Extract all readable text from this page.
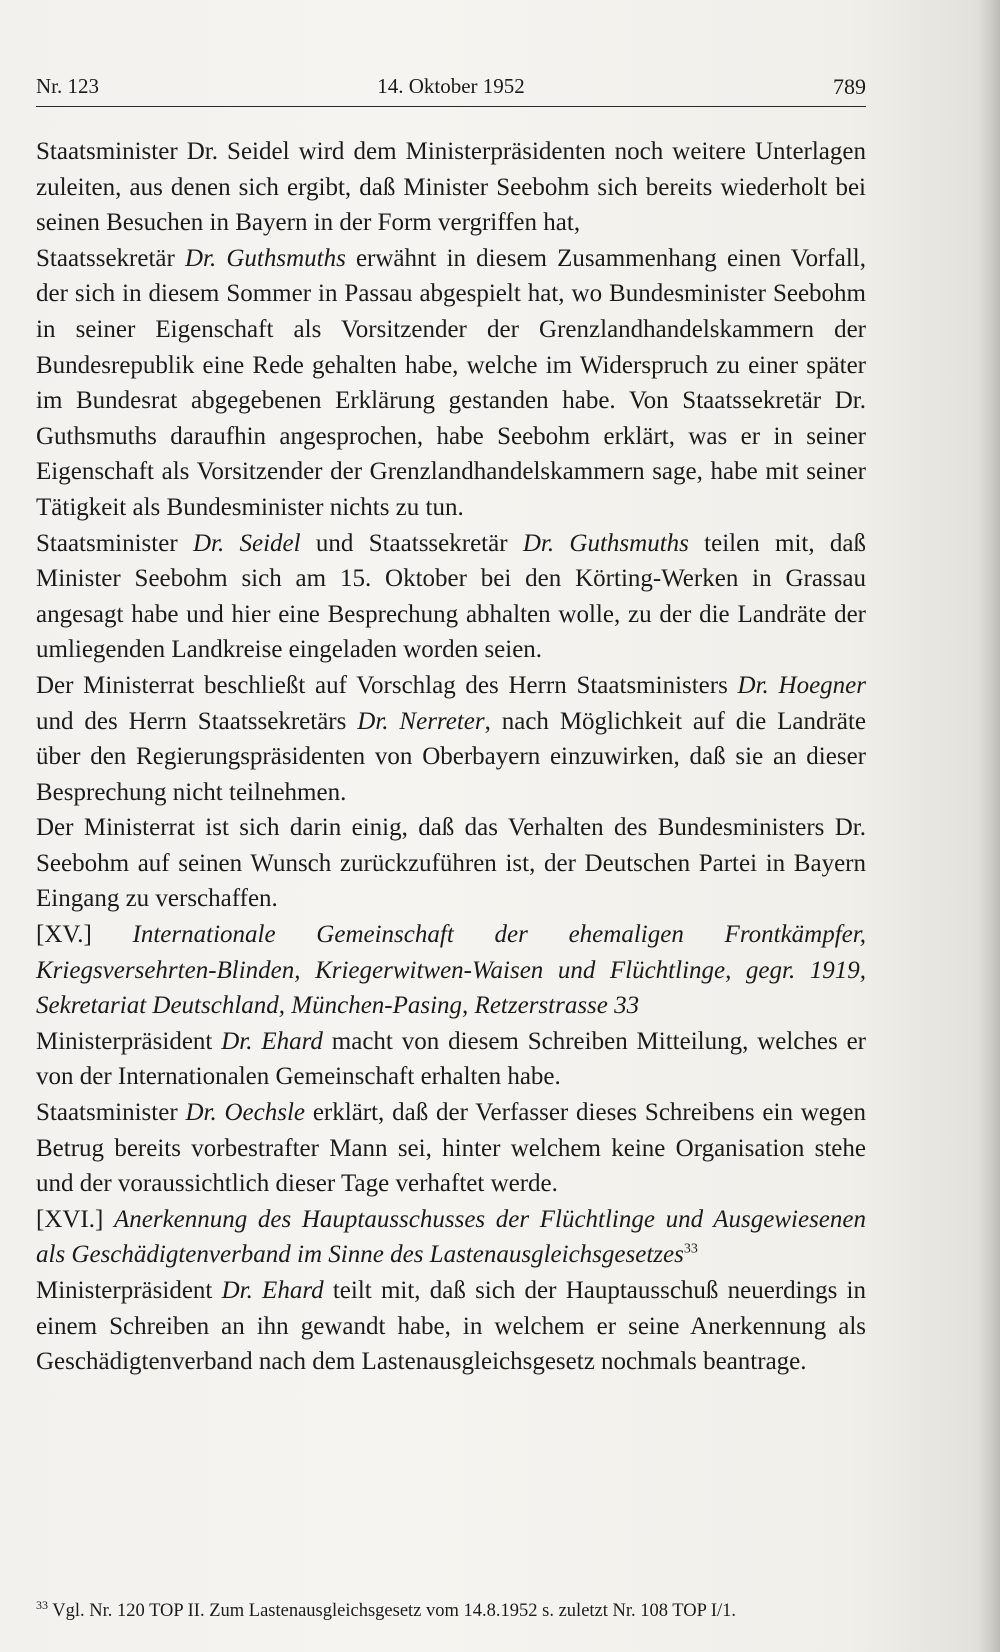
Nr. 123	14. Oktober 1952	789

Staatsminister Dr. Seidel wird dem Ministerpräsidenten noch weitere Unterlagen zuleiten, aus denen sich ergibt, daß Minister Seebohm sich bereits wiederholt bei seinen Besuchen in Bayern in der Form vergriffen hat,

Staatssekretär Dr. Guthsmuths erwähnt in diesem Zusammenhang einen Vorfall, der sich in diesem Sommer in Passau abgespielt hat, wo Bundesminister Seebohm in seiner Eigenschaft als Vorsitzender der Grenzlandhandelskammern der Bundesrepublik eine Rede gehalten habe, welche im Widerspruch zu einer später im Bundesrat abgegebenen Erklärung gestanden habe. Von Staatssekretär Dr. Guthsmuths daraufhin angesprochen, habe Seebohm erklärt, was er in seiner Eigenschaft als Vorsitzender der Grenzlandhandelskammern sage, habe mit seiner Tätigkeit als Bundesminister nichts zu tun.

Staatsminister Dr. Seidel und Staatssekretär Dr. Guthsmuths teilen mit, daß Minister Seebohm sich am 15. Oktober bei den Körting-Werken in Grassau angesagt habe und hier eine Besprechung abhalten wolle, zu der die Landräte der umliegenden Landkreise eingeladen worden seien.

Der Ministerrat beschließt auf Vorschlag des Herrn Staatsministers Dr. Hoegner und des Herrn Staatssekretärs Dr. Nerreter, nach Möglichkeit auf die Landräte über den Regierungspräsidenten von Oberbayern einzuwirken, daß sie an dieser Besprechung nicht teilnehmen.

Der Ministerrat ist sich darin einig, daß das Verhalten des Bundesministers Dr. Seebohm auf seinen Wunsch zurückzuführen ist, der Deutschen Partei in Bayern Eingang zu verschaffen.

[XV.] Internationale Gemeinschaft der ehemaligen Frontkämpfer, Kriegsversehrten-Blinden, Kriegerwitwen-Waisen und Flüchtlinge, gegr. 1919, Sekretariat Deutschland, München-Pasing, Retzerstrasse 33

Ministerpräsident Dr. Ehard macht von diesem Schreiben Mitteilung, welches er von der Internationalen Gemeinschaft erhalten habe.

Staatsminister Dr. Oechsle erklärt, daß der Verfasser dieses Schreibens ein wegen Betrug bereits vorbestrafter Mann sei, hinter welchem keine Organisation stehe und der voraussichtlich dieser Tage verhaftet werde.

[XVI.] Anerkennung des Hauptausschusses der Flüchtlinge und Ausgewiesenen als Geschädigtenverband im Sinne des Lastenausgleichsgesetzes$^{33}$

Ministerpräsident Dr. Ehard teilt mit, daß sich der Hauptausschuß neuerdings in einem Schreiben an ihn gewandt habe, in welchem er seine Anerkennung als Geschädigtenverband nach dem Lastenausgleichsgesetz nochmals beantrage.

$^{33}$ Vgl. Nr. 120 TOP II. Zum Lastenausgleichsgesetz vom 14.8.1952 s. zuletzt Nr. 108 TOP I/1.
